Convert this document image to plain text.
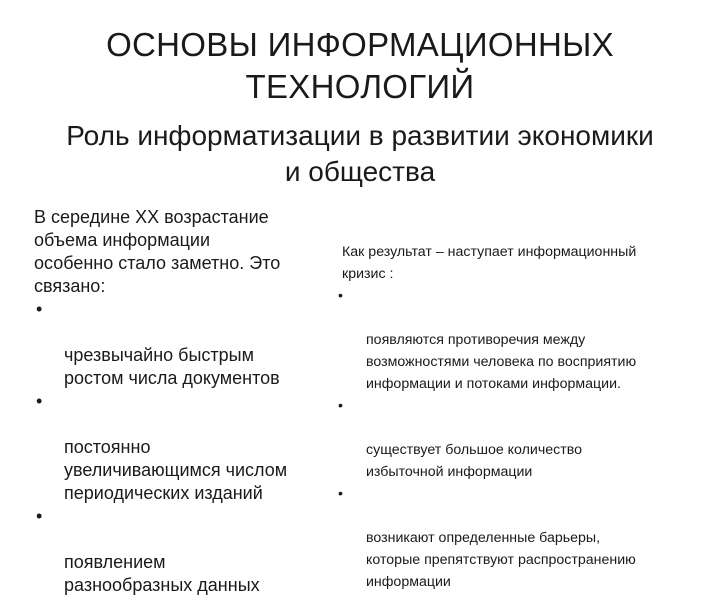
ОСНОВЫ ИНФОРМАЦИОННЫХ
ТЕХНОЛОГИЙ
Роль информатизации в развитии экономики
и общества
В середине XX возрастание
объема информации
особенно стало заметно. Это
связано:

•

чрезвычайно быстрым
ростом числа документов

•

постоянно
увеличивающимся числом
периодических изданий

•

появлением
разнообразных данных

Как результат – наступает информационный
кризис :

•

появляются противоречия между
возможностями человека по восприятию
информации и потоками информации.

•

существует большое количество
избыточной информации

•

возникают определенные барьеры,
которые препятствуют распространению
информации
